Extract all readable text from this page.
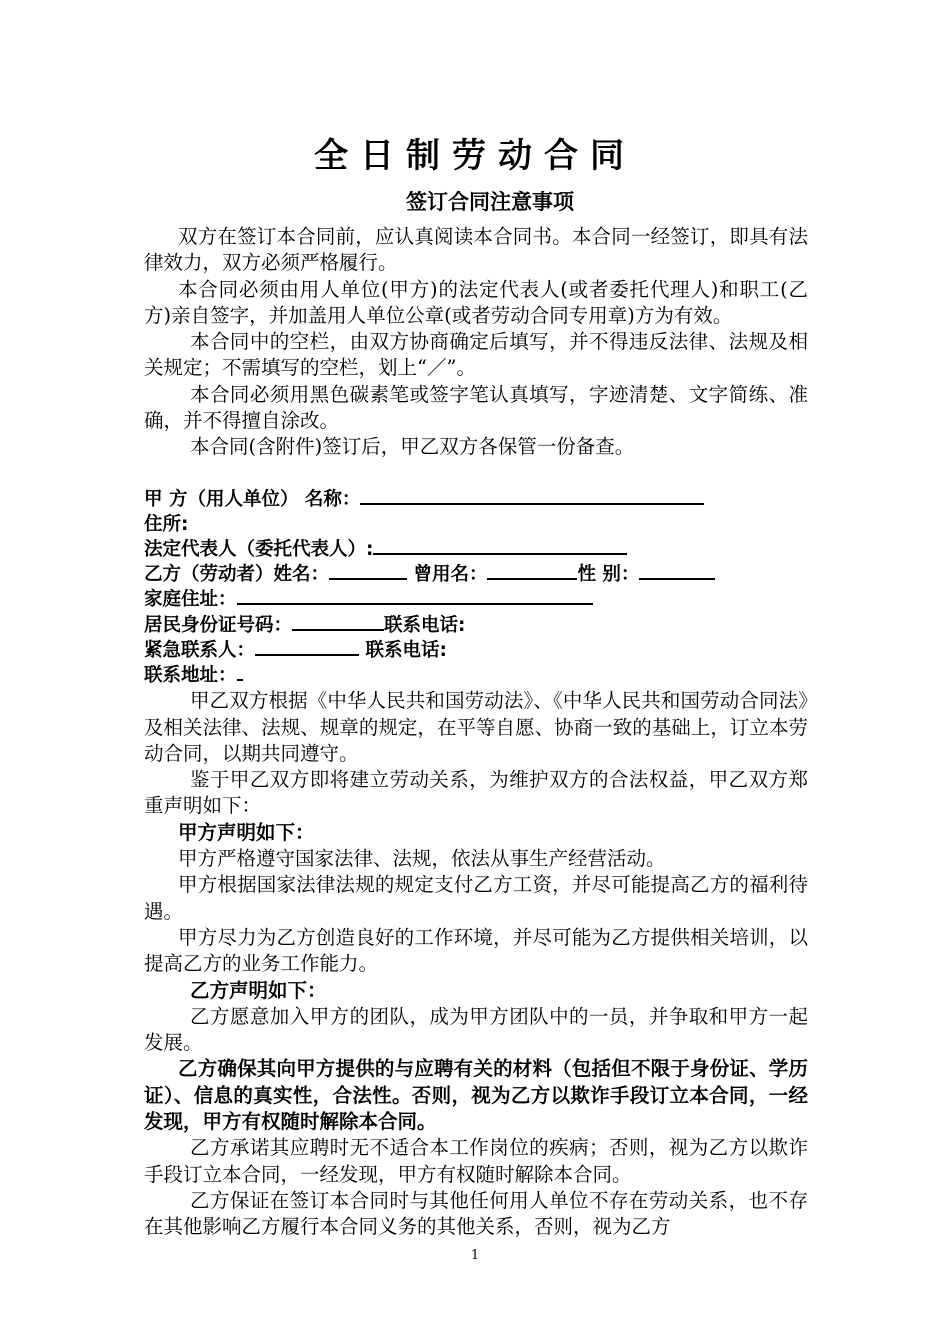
全日制劳动合同
签订合同注意事项

双方在签订本合同前，应认真阅读本合同书。本合同一经签订，即具有法律效力，双方必须严格履行。

本合同必须由用人单位(甲方)的法定代表人(或者委托代理人)和职工(乙方)亲自签字，并加盖用人单位公章(或者劳动合同专用章)方为有效。

本合同中的空栏，由双方协商确定后填写，并不得违反法律、法规及相关规定；不需填写的空栏，划上“／”。

本合同必须用黑色碳素笔或签字笔认真填写，字迹清楚、文字简练、准确，并不得擅自涂改。

本合同(含附件)签订后，甲乙双方各保管一份备查。

甲 方（用人单位） 名称：
住所:
法定代表人（委托代表人）:
乙方（劳动者）姓名：	曾用名：	性 别：
家庭住址：
居民身份证号码：	联系电话:
紧急联系人：	联系电话:
联系地址：

甲乙双方根据《中华人民共和国劳动法》、《中华人民共和国劳动合同法》及相关法律、法规、规章的规定，在平等自愿、协商一致的基础上，订立本劳动合同，以期共同遵守。

鉴于甲乙双方即将建立劳动关系，为维护双方的合法权益，甲乙双方郑重声明如下：

甲方声明如下：

甲方严格遵守国家法律、法规，依法从事生产经营活动。

甲方根据国家法律法规的规定支付乙方工资，并尽可能提高乙方的福利待遇。

甲方尽力为乙方创造良好的工作环境，并尽可能为乙方提供相关培训，以提高乙方的业务工作能力。

乙方声明如下：

乙方愿意加入甲方的团队，成为甲方团队中的一员，并争取和甲方一起发展。

乙方确保其向甲方提供的与应聘有关的材料（包括但不限于身份证、学历证）、信息的真实性，合法性。否则，视为乙方以欺诈手段订立本合同，一经发现，甲方有权随时解除本合同。

乙方承诺其应聘时无不适合本工作岗位的疾病；否则，视为乙方以欺诈手段订立本合同，一经发现，甲方有权随时解除本合同。

乙方保证在签订本合同时与其他任何用人单位不存在劳动关系，也不存在其他影响乙方履行本合同义务的其他关系，否则，视为乙方

1
